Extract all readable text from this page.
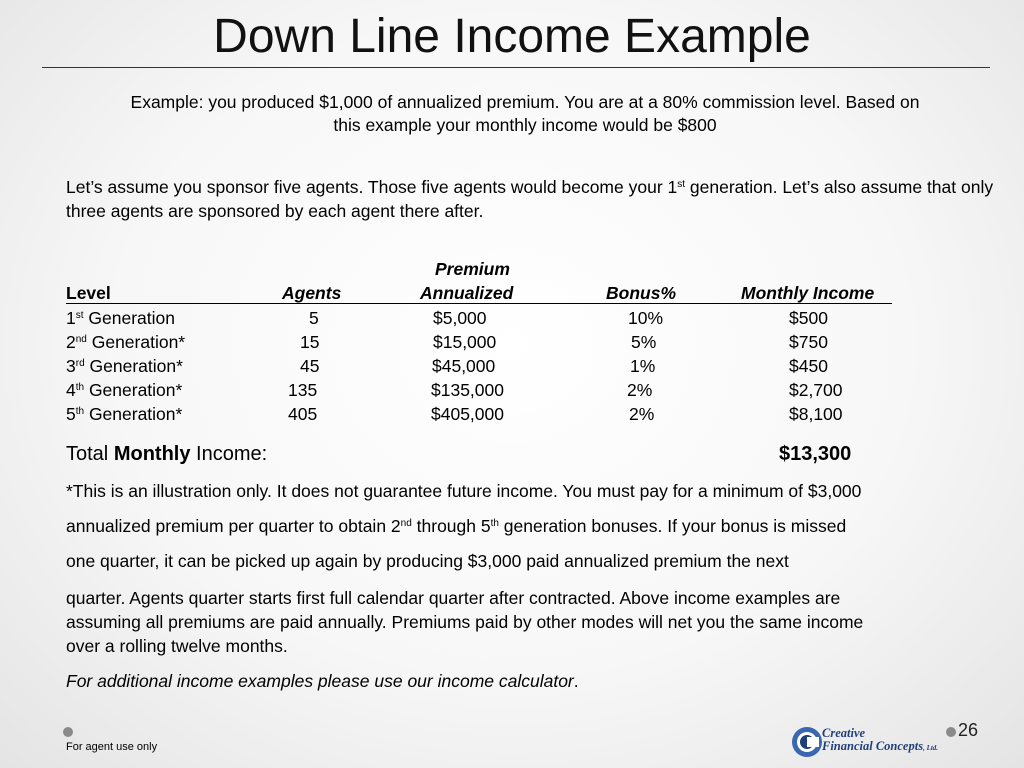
Down Line Income Example
Example: you produced $1,000 of annualized premium. You are at a 80% commission level. Based on
this example your monthly income would be $800
Let’s assume you sponsor five agents. Those five agents would become your 1st generation. Let’s also assume that only three agents are sponsored by each agent there after.
Premium
Level	Agents	Annualized	Bonus%	Monthly Income
1st Generation	5	$5,000	10%	$500
2nd Generation*	15	$15,000	5%	$750
3rd Generation*	45	$45,000	1%	$450
4th Generation*	135	$135,000	2%	$2,700
5th Generation*	405	$405,000	2%	$8,100
Total Monthly Income:	$13,300
*This is an illustration only. It does not guarantee future income. You must pay for a minimum of $3,000
annualized premium per quarter to obtain 2nd through 5th generation bonuses. If your bonus is missed
one quarter, it can be picked up again by producing $3,000 paid annualized premium the next
quarter. Agents quarter starts first full calendar quarter after contracted. Above income examples are
assuming all premiums are paid annually. Premiums paid by other modes will net you the same income
over a rolling twelve months.
For additional income examples please use our income calculator.
For agent use only
26
Creative
Financial Concepts, Ltd.
